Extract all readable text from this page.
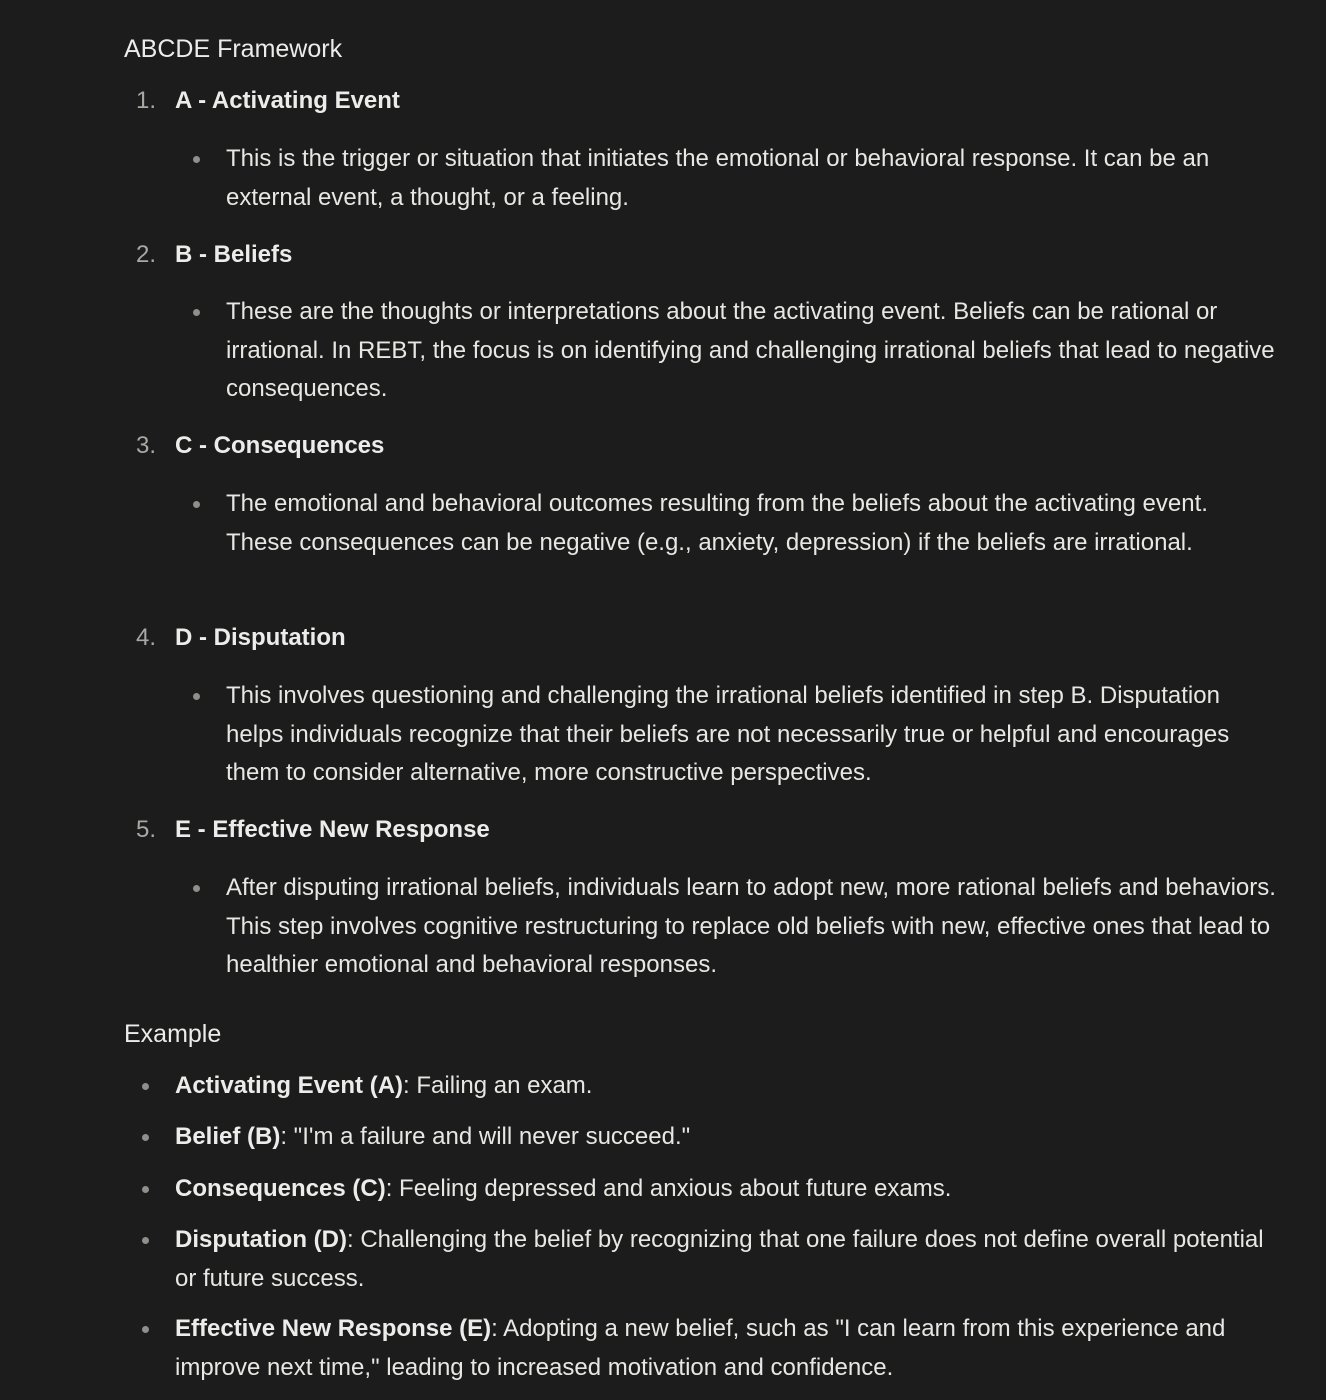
ABCDE Framework
1. A - Activating Event

This is the trigger or situation that initiates the emotional or behavioral response. It can be an external event, a thought, or a feeling.

2. B - Beliefs

These are the thoughts or interpretations about the activating event. Beliefs can be rational or irrational. In REBT, the focus is on identifying and challenging irrational beliefs that lead to negative consequences.

3. C - Consequences

The emotional and behavioral outcomes resulting from the beliefs about the activating event. These consequences can be negative (e.g., anxiety, depression) if the beliefs are irrational.

4. D - Disputation

This involves questioning and challenging the irrational beliefs identified in step B. Disputation helps individuals recognize that their beliefs are not necessarily true or helpful and encourages them to consider alternative, more constructive perspectives.

5. E - Effective New Response

After disputing irrational beliefs, individuals learn to adopt new, more rational beliefs and behaviors. This step involves cognitive restructuring to replace old beliefs with new, effective ones that lead to healthier emotional and behavioral responses.

Example

Activating Event (A): Failing an exam.

Belief (B): "I'm a failure and will never succeed."

Consequences (C): Feeling depressed and anxious about future exams.

Disputation (D): Challenging the belief by recognizing that one failure does not define overall potential or future success.

Effective New Response (E): Adopting a new belief, such as "I can learn from this experience and improve next time," leading to increased motivation and confidence.
